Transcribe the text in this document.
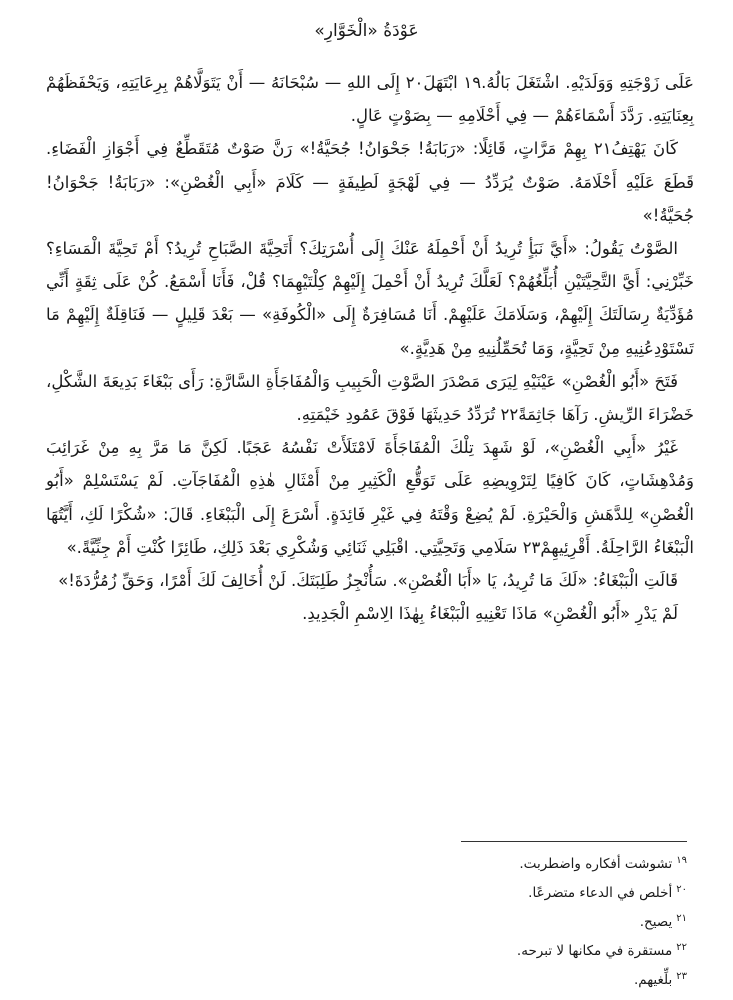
عَوْدَةُ «الْخَوَّارِ»

عَلَى زَوْجَتِهِ وَوَلَدَيْهِ. اشْتَغَلَ بَالُهُ.١٩ ابْتَهَلَ٢٠ إِلَى اللهِ — سُبْحَانَهُ — أَنْ يَتَوَلَّاهُمْ بِرِعَايَتِهِ، وَيَحْفَظَهُمْ بِعِنَايَتِهِ. رَدَّدَ أَسْمَاءَهُمْ — فِي أَحْلَامِهِ — بِصَوْتٍ عَالٍ.

كَانَ يَهْتِفُ٢١ بِهِمْ مَرَّاتٍ، قَائِلًا: «رَبَابَةُ! جَحْوَانُ! جُحَيَّةُ!» رَنَّ صَوْتٌ مُتَقَطِّعٌ فِي أَجْوَازِ الْفَضَاءِ. قَطَعَ عَلَيْهِ أَحْلَامَهُ. صَوْتٌ يُرَدِّدُ — فِي لَهْجَةٍ لَطِيفَةٍ — كَلَامَ «أَبِي الْغُصْنِ»: «رَبَابَةُ! جَحْوَانُ! جُحَيَّةُ!»

الصَّوْتُ يَقُولُ: «أَيَّ نَبَأٍ تُرِيدُ أَنْ أَحْمِلَهُ عَنْكَ إِلَى أُسْرَتِكَ؟ أَتَحِيَّةَ الصَّبَاحِ تُرِيدُ؟ أَمْ تَحِيَّةَ الْمَسَاءِ؟ خَبِّرْنِي: أَيَّ التَّحِيَّتَيْنِ أُبَلِّغُهُمْ؟ لَعَلَّكَ تُرِيدُ أَنْ أَحْمِلَ إِلَيْهِمْ كِلْتَيْهِمَا؟ قُلْ، فَأَنَا أَسْمَعُ. كُنْ عَلَى ثِقَةٍ أَنِّي مُؤَدِّيَةٌ رِسَالَتَكَ إِلَيْهِمْ، وَسَلَامَكَ عَلَيْهِمْ. أَنَا مُسَافِرَةٌ إِلَى «الْكُوفَةِ» — بَعْدَ قَلِيلٍ — فَنَاقِلَةٌ إِلَيْهِمْ مَا تَسْتَوْدِعُنِيهِ مِنْ تَحِيَّةٍ، وَمَا تُحَمِّلُنِيهِ مِنْ هَدِيَّةٍ.»

فَتَحَ «أَبُو الْغُصْنِ» عَيْنَيْهِ لِيَرَى مَصْدَرَ الصَّوْتِ الْحَبِيبِ وَالْمُفَاجَأَةِ السَّارَّةِ: رَأَى بَبْغَاءَ بَدِيعَةَ الشَّكْلِ، خَضْرَاءَ الرِّيشِ. رَآهَا جَاثِمَةً٢٢ تُرَدِّدُ حَدِيثَهَا فَوْقَ عَمُودِ خَيْمَتِهِ.

غَيْرُ «أَبِي الْغُصْنِ»، لَوْ شَهِدَ تِلْكَ الْمُفَاجَأَةَ لَامْتَلَأَتْ نَفْسُهُ عَجَبًا. لَكِنَّ مَا مَرَّ بِهِ مِنْ غَرَائِبَ وَمُدْهِشَاتٍ، كَانَ كَافِيًا لِتَرْوِيضِهِ عَلَى تَوَقُّعِ الْكَثِيرِ مِنْ أَمْثَالِ هٰذِهِ الْمُفَاجَآتِ. لَمْ يَسْتَسْلِمْ «أَبُو الْغُصْنِ» لِلدَّهَشِ وَالْحَيْرَةِ. لَمْ يُضِعْ وَقْتَهُ فِي غَيْرِ فَائِدَةٍ. أَسْرَعَ إِلَى الْبَبْغَاءِ. قَالَ: «شُكْرًا لَكِ، أَيَّتُهَا الْبَبْغَاءُ الرَّاحِلَةُ. أَقْرِئِيهِمْ٢٣ سَلَامِي وَتَحِيَّتِي. اقْبَلِي ثَنَائِي وَشُكْرِي بَعْدَ ذَلِكِ، طَائِرًا كُنْتِ أَمْ جِنِّيَّةً.»

قَالَتِ الْبَبْغَاءُ: «لَكَ مَا تُرِيدُ، يَا «أَبَا الْغُصْنِ». سَأُنْجِزُ طَلِبَتَكَ. لَنْ أُخَالِفَ لَكَ أَمْرًا، وَحَقِّ زُمُرُّدَةَ!»

لَمْ يَدْرِ «أَبُو الْغُصْنِ» مَاذَا تَعْنِيهِ الْبَبْغَاءُ بِهٰذَا الِاسْمِ الْجَدِيدِ.

$^{١٩}$تشوشت أفكاره واضطربت.
$^{٢٠}$أخلص في الدعاء متضرعًا.
$^{٢١}$يصيح.
$^{٢٢}$مستقرة في مكانها لا تبرحه.
$^{٢٣}$بلِّغيهم.
